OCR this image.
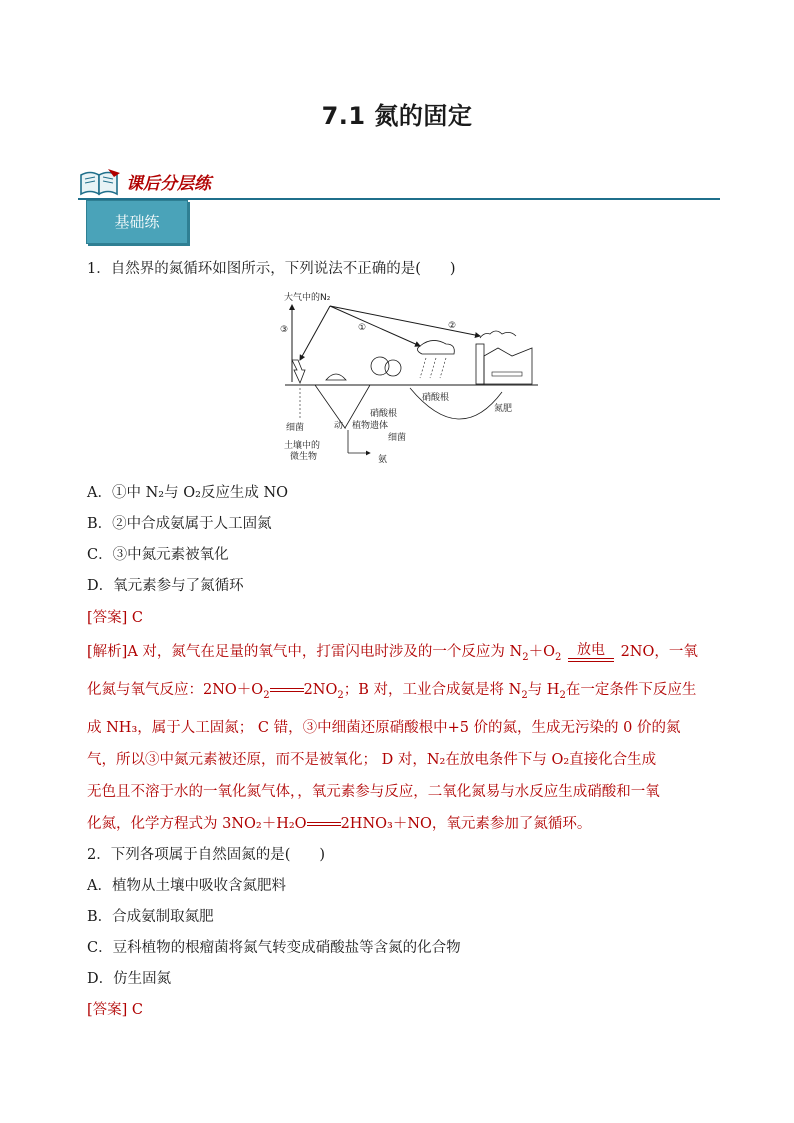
7.1 氮的固定
课后分层练
基础练
1．自然界的氮循环如图所示，下列说法不正确的是(　　)
大气中的N₂
③	①	②
硝酸根
硝酸根
细菌	动、植物遗体
细菌
氮肥
土壤中的
微生物	氨
A．①中 N₂与 O₂反应生成 NO
B．②中合成氨属于人工固氮
C．③中氮元素被氧化
D．氧元素参与了氮循环
[答案] C
[解析]A 对，氮气在足量的氧气中，打雷闪电时涉及的一个反应为 $N_2+O_2$	放电	2NO，一氧
化氮与氧气反应：$2NO+O_2$ $2NO_2$；B 对，工业合成氨是将 $N_2$与 $H_2$在一定条件下反应生
成 NH₃，属于人工固氮； C 错，③中细菌还原硝酸根中+5 价的氮，生成无污染的 0 价的氮
气，所以③中氮元素被还原，而不是被氧化； D 对，N₂在放电条件下与 O₂直接化合生成
无色且不溶于水的一氧化氮气体，，氧元素参与反应，二氧化氮易与水反应生成硝酸和一氧
化氮，化学方程式为 3NO₂＋H₂O 2HNO₃＋NO，氧元素参加了氮循环。
2．下列各项属于自然固氮的是(　　)
A．植物从土壤中吸收含氮肥料
B．合成氨制取氮肥
C．豆科植物的根瘤菌将氮气转变成硝酸盐等含氮的化合物
D．仿生固氮
[答案] C
